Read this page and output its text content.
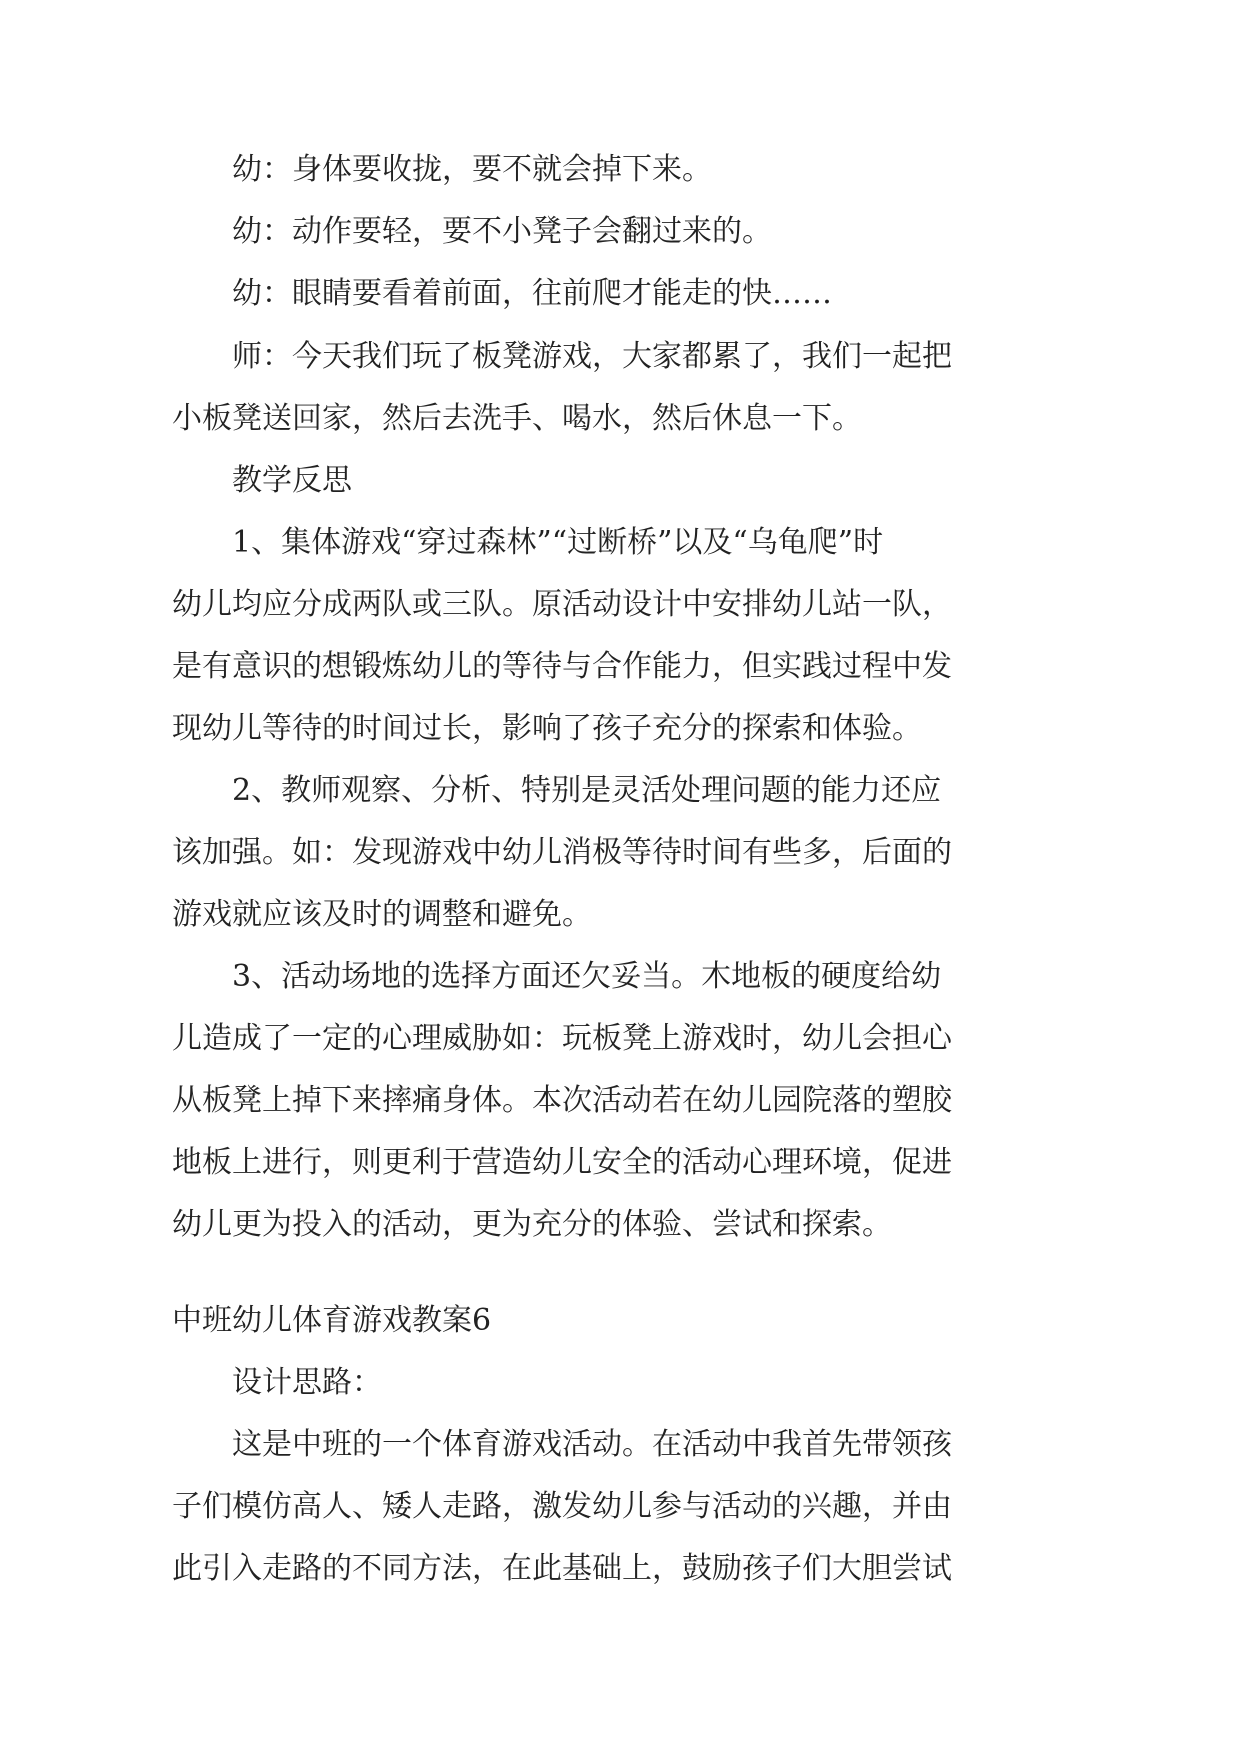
幼：身体要收拢，要不就会掉下来。
幼：动作要轻，要不小凳子会翻过来的。
幼：眼睛要看着前面，往前爬才能走的快……
师：今天我们玩了板凳游戏，大家都累了，我们一起把
小板凳送回家，然后去洗手、喝水，然后休息一下。
教学反思
1、集体游戏“穿过森林”“过断桥”以及“乌龟爬”时
幼儿均应分成两队或三队。原活动设计中安排幼儿站一队，
是有意识的想锻炼幼儿的等待与合作能力，但实践过程中发
现幼儿等待的时间过长，影响了孩子充分的探索和体验。
2、教师观察、分析、特别是灵活处理问题的能力还应
该加强。如：发现游戏中幼儿消极等待时间有些多，后面的
游戏就应该及时的调整和避免。
3、活动场地的选择方面还欠妥当。木地板的硬度给幼
儿造成了一定的心理威胁如：玩板凳上游戏时，幼儿会担心
从板凳上掉下来摔痛身体。本次活动若在幼儿园院落的塑胶
地板上进行，则更利于营造幼儿安全的活动心理环境，促进
幼儿更为投入的活动，更为充分的体验、尝试和探索。
中班幼儿体育游戏教案6
设计思路：
这是中班的一个体育游戏活动。在活动中我首先带领孩
子们模仿高人、矮人走路，激发幼儿参与活动的兴趣，并由
此引入走路的不同方法，在此基础上，鼓励孩子们大胆尝试
